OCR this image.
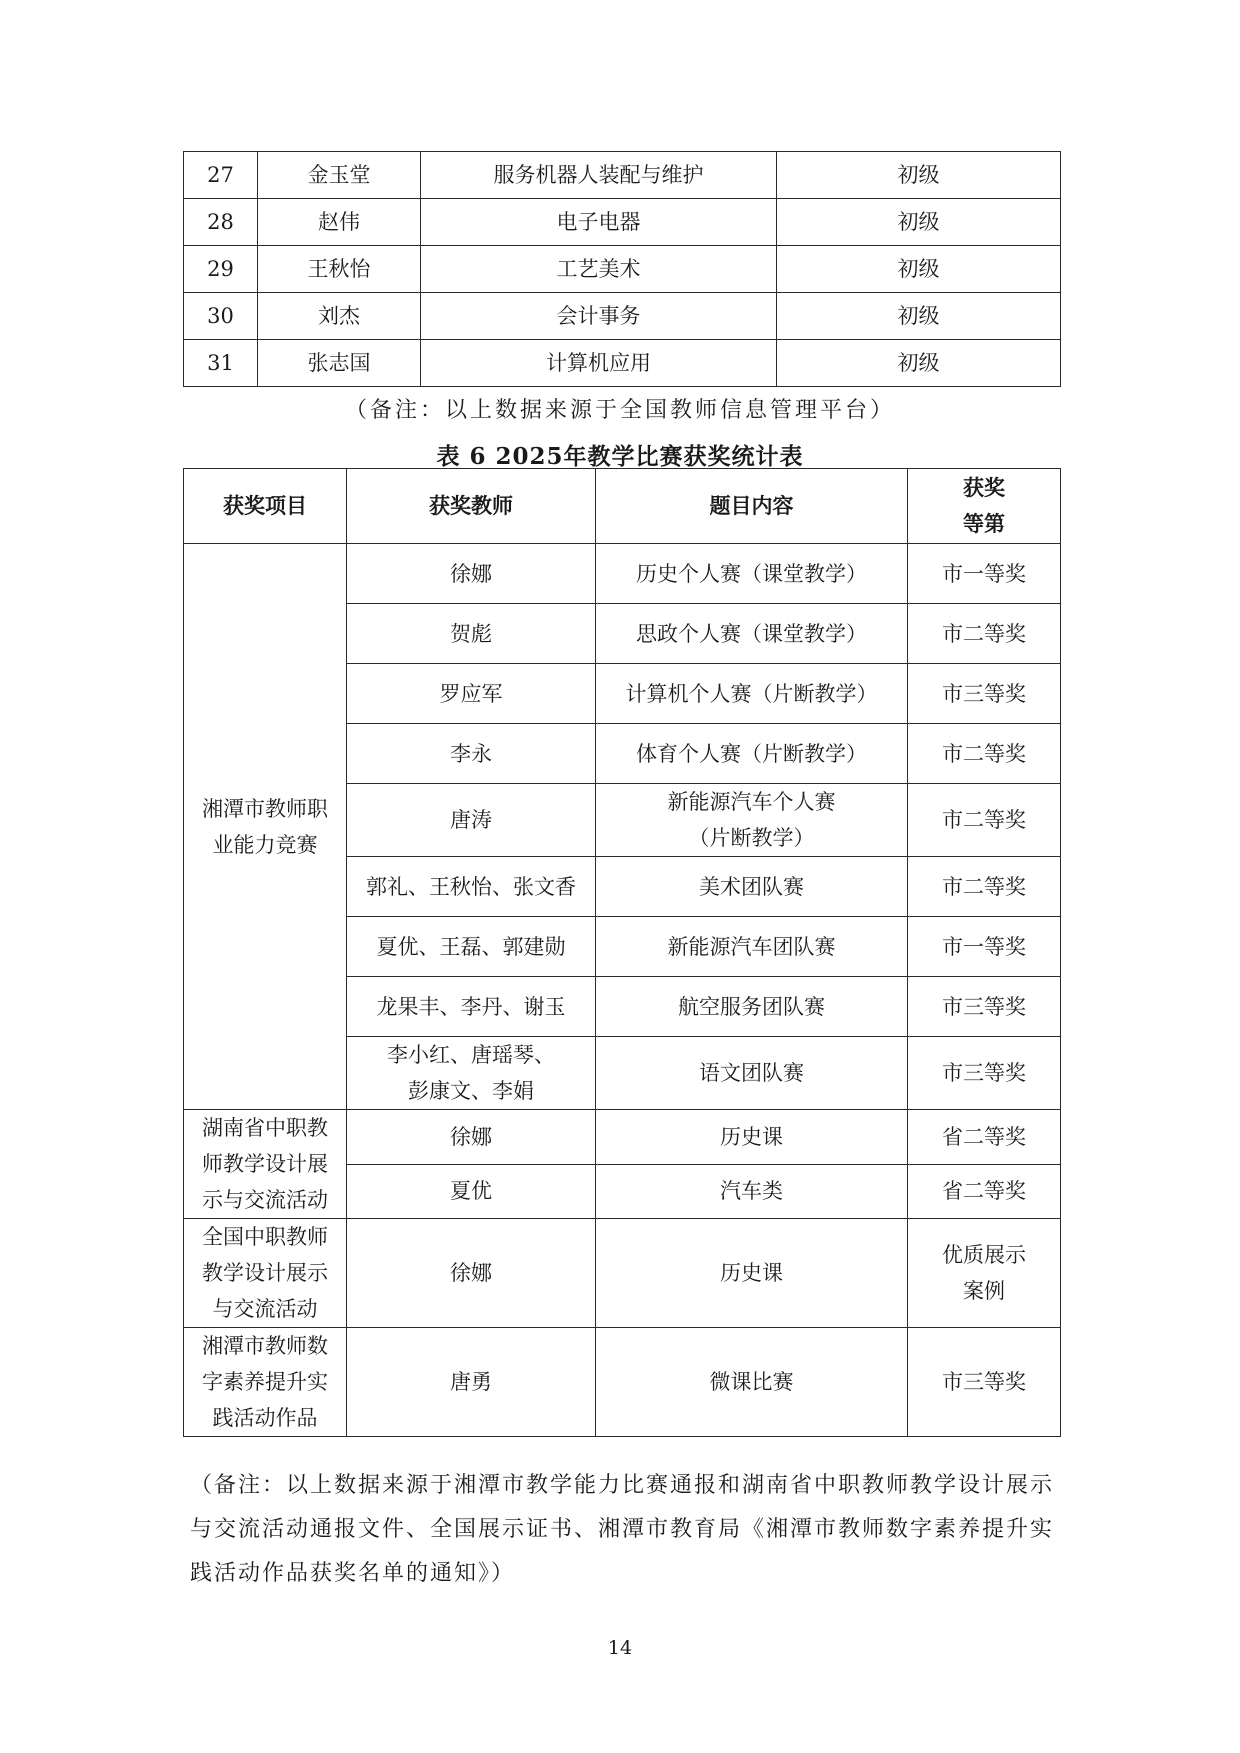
27	金玉堂	服务机器人装配与维护	初级
28	赵伟	电子电器	初级
29	王秋怡	工艺美术	初级
30	刘杰	会计事务	初级
31	张志国	计算机应用	初级
（备注：以上数据来源于全国教师信息管理平台）
表 6 2025年教学比赛获奖统计表
获奖项目	获奖教师	题目内容	获奖
等第

湘潭市教师职
业能力竞赛	徐娜	历史个人赛（课堂教学）	市一等奖

	贺彪	思政个人赛（课堂教学）	市二等奖

	罗应军	计算机个人赛（片断教学）	市三等奖

	李永	体育个人赛（片断教学）	市二等奖

	唐涛	新能源汽车个人赛
（片断教学）	市二等奖

	郭礼、王秋怡、张文香	美术团队赛	市二等奖

	夏优、王磊、郭建勋	新能源汽车团队赛	市一等奖

	龙果丰、李丹、谢玉	航空服务团队赛	市三等奖

	李小红、唐瑶琴、
彭康文、李娟	语文团队赛	市三等奖

湖南省中职教
师教学设计展
示与交流活动	徐娜	历史课	省二等奖

	夏优	汽车类	省二等奖

全国中职教师
教学设计展示
与交流活动	徐娜	历史课	优质展示
案例

湘潭市教师数
字素养提升实
践活动作品	唐勇	微课比赛	市三等奖
（备注：以上数据来源于湘潭市教学能力比赛通报和湖南省中职教师教学设计展示与交流活动通报文件、全国展示证书、湘潭市教育局《湘潭市教师数字素养提升实践活动作品获奖名单的通知》）
14
